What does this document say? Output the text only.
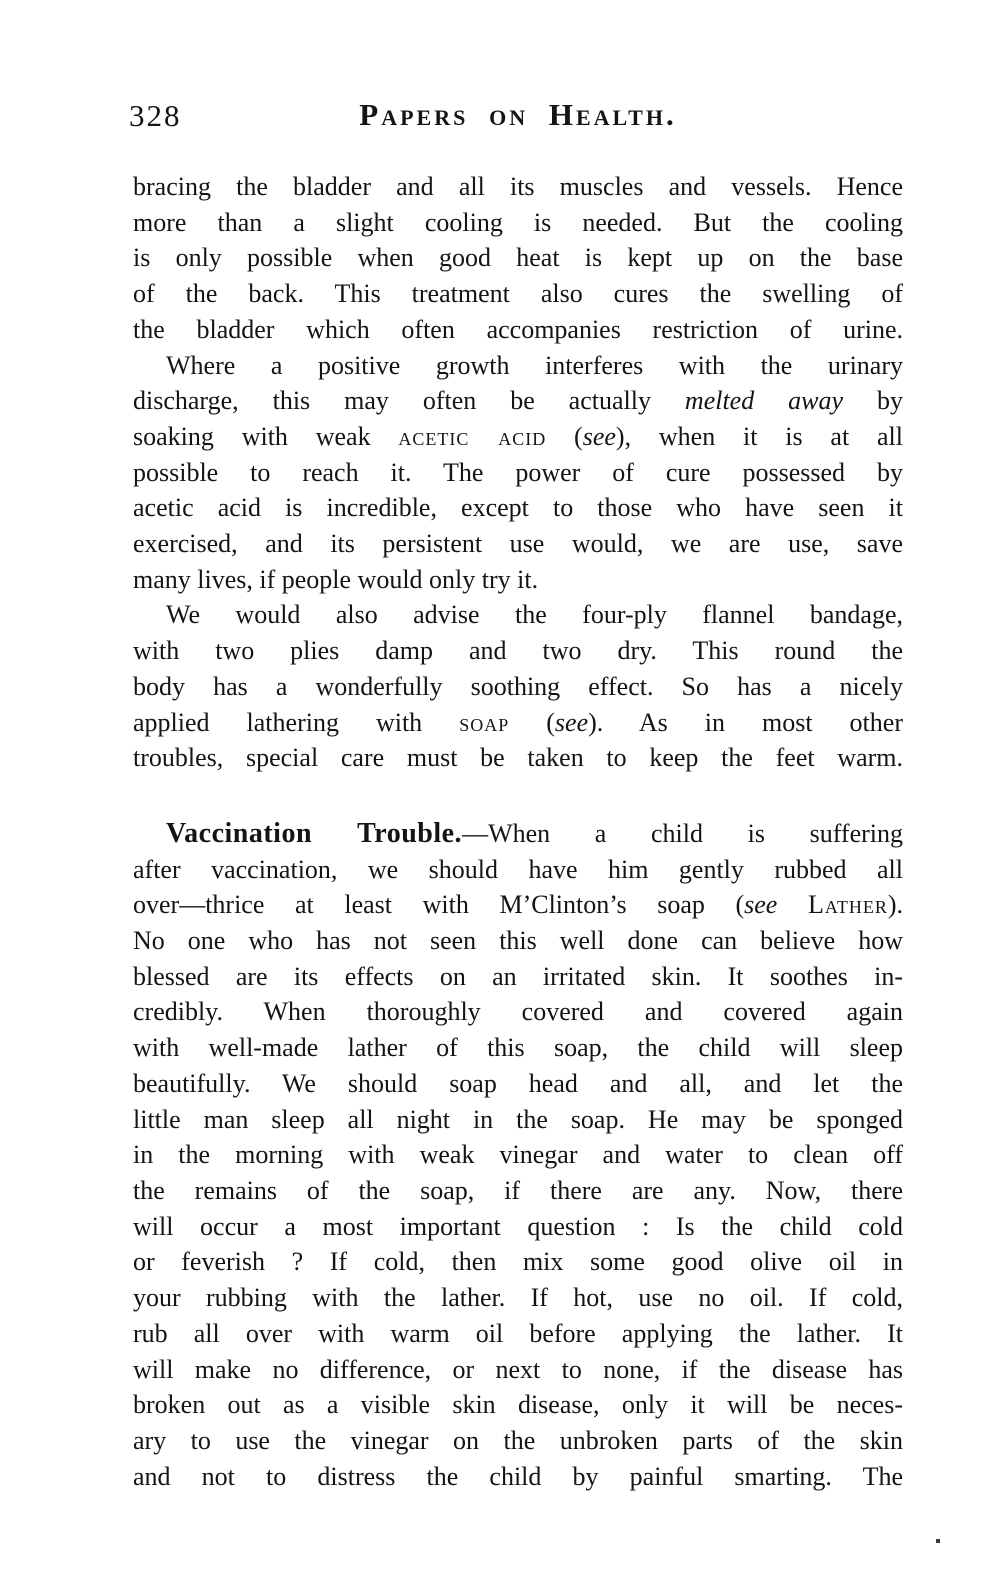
328	Papers on Health.
bracing the bladder and all its muscles and vessels. Hence
more than a slight cooling is needed. But the cooling
is only possible when good heat is kept up on the base
of the back. This treatment also cures the swelling of
the bladder which often accompanies restriction of urine.
Where a positive growth interferes with the urinary
discharge, this may often be actually melted away by
soaking with weak acetic acid (see), when it is at all
possible to reach it. The power of cure possessed by
acetic acid is incredible, except to those who have seen it
exercised, and its persistent use would, we are use, save
many lives, if people would only try it.
We would also advise the four-ply flannel bandage,
with two plies damp and two dry. This round the
body has a wonderfully soothing effect. So has a nicely
applied lathering with soap (see). As in most other
troubles, special care must be taken to keep the feet warm.
Vaccination Trouble.—When a child is suffering
after vaccination, we should have him gently rubbed all
over—thrice at least with M’Clinton’s soap (see Lather).
No one who has not seen this well done can believe how
blessed are its effects on an irritated skin. It soothes in-
credibly. When thoroughly covered and covered again
with well-made lather of this soap, the child will sleep
beautifully. We should soap head and all, and let the
little man sleep all night in the soap. He may be sponged
in the morning with weak vinegar and water to clean off
the remains of the soap, if there are any. Now, there
will occur a most important question : Is the child cold
or feverish ? If cold, then mix some good olive oil in
your rubbing with the lather. If hot, use no oil. If cold,
rub all over with warm oil before applying the lather. It
will make no difference, or next to none, if the disease has
broken out as a visible skin disease, only it will be neces-
ary to use the vinegar on the unbroken parts of the skin
and not to distress the child by painful smarting. The
